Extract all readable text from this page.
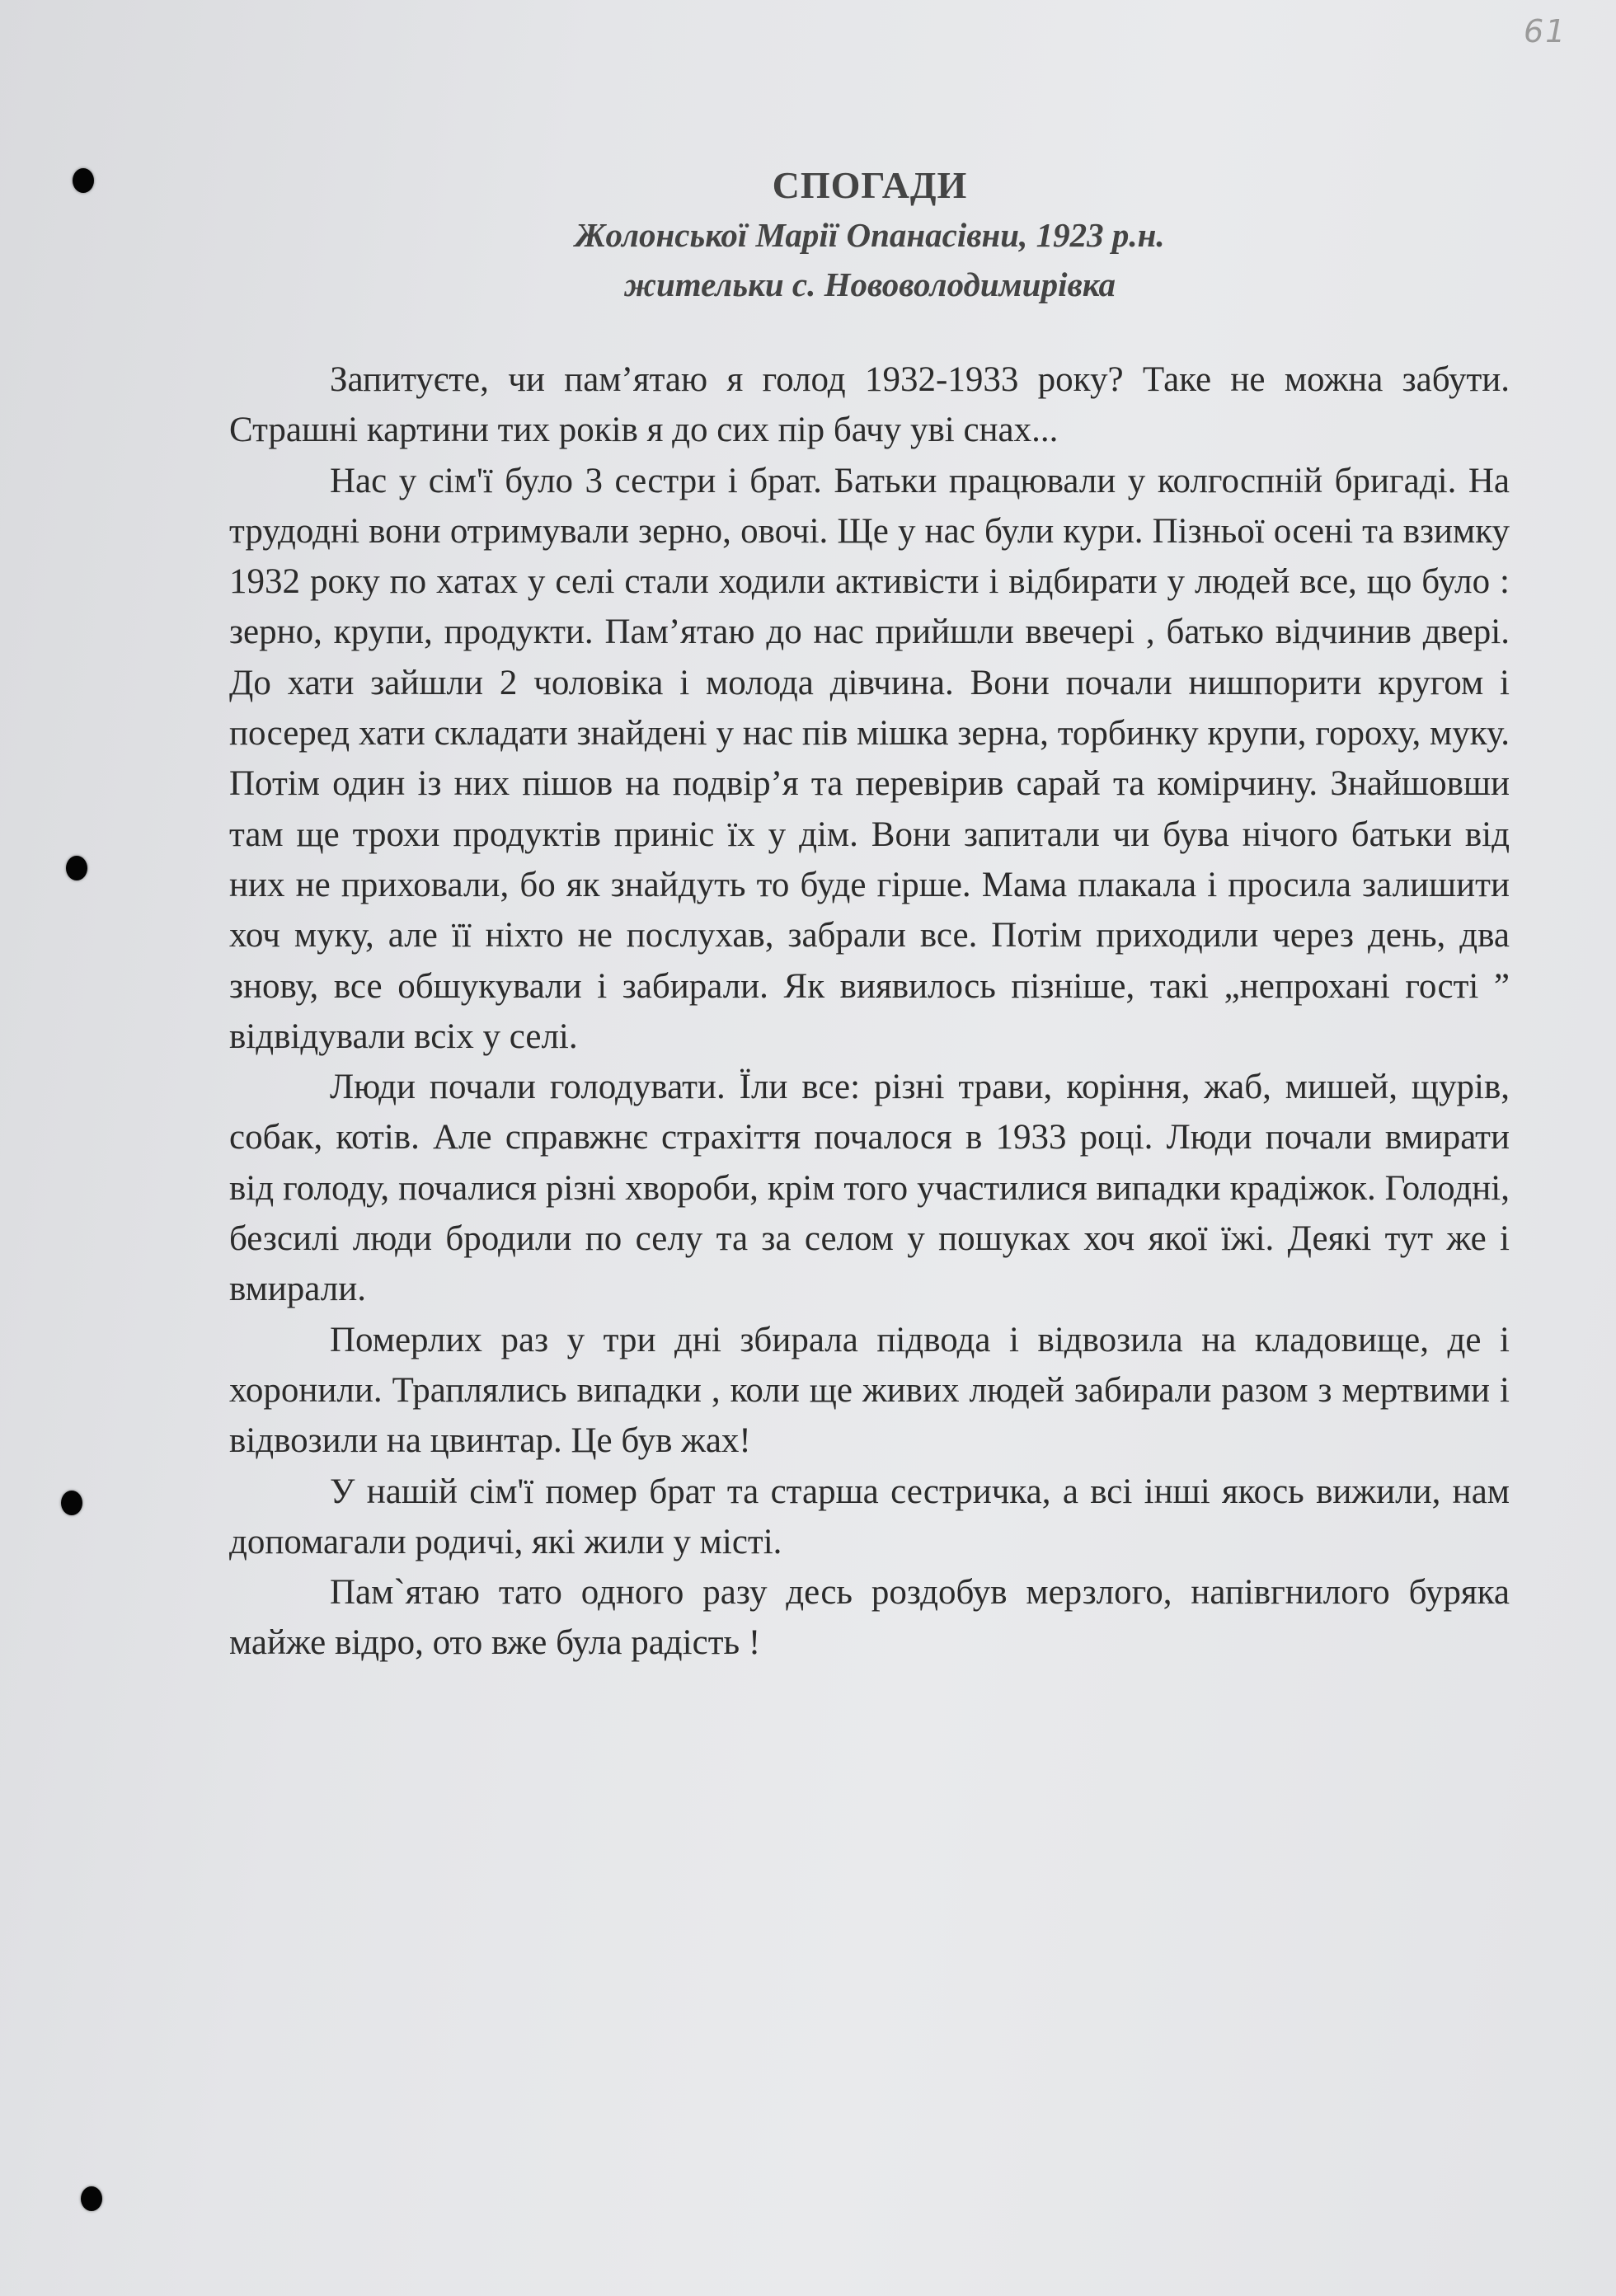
61
СПОГАДИ
Жолонської Марії Опанасівни, 1923 р.н.
жительки с. Нововолодимирівка

Запитуєте, чи пам’ятаю я голод 1932-1933 року? Таке не можна забути. Страшні картини тих років я до сих пір бачу уві снах...

Нас у сім'ї було 3 сестри і брат. Батьки працювали у колгоспній бригаді. На трудодні вони отримували зерно, овочі. Ще у нас були кури. Пізньої осені та взимку 1932 року по хатах у селі стали ходили активісти і відбирати у людей все, що було : зерно, крупи, продукти. Пам’ятаю до нас прийшли ввечері , батько відчинив двері. До хати зайшли 2 чоловіка і молода дівчина. Вони почали нишпорити кругом і посеред хати складати знайдені у нас пів мішка зерна, торбинку крупи, гороху, муку. Потім один із них пішов на подвір’я та перевірив сарай та комірчину. Знайшовши там ще трохи продуктів приніс їх у дім. Вони запитали чи бува нічого батьки від них не приховали, бо як знайдуть то буде гірше. Мама плакала і просила залишити хоч муку, але її ніхто не послухав, забрали все. Потім приходили через день, два знову, все обшукували і забирали. Як виявилось пізніше, такі „непрохані гості ” відвідували всіх у селі.

Люди почали голодувати. Їли все: різні трави, коріння, жаб, мишей, щурів, собак, котів. Але справжнє страхіття почалося в 1933 році. Люди почали вмирати від голоду, почалися різні хвороби, крім того участилися випадки крадіжок. Голодні, безсилі люди бродили по селу та за селом у пошуках хоч якої їжі. Деякі тут же і вмирали.

Померлих раз у три дні збирала підвода і відвозила на кладовище, де і хоронили. Траплялись випадки , коли ще живих людей забирали разом з мертвими і відвозили на цвинтар. Це був жах!

У нашій сім'ї помер брат та старша сестричка, а всі інші якось вижили, нам допомагали родичі, які жили у місті.

Пам`ятаю тато одного разу десь роздобув мерзлого, напівгнилого буряка майже відро, ото вже була радість !
